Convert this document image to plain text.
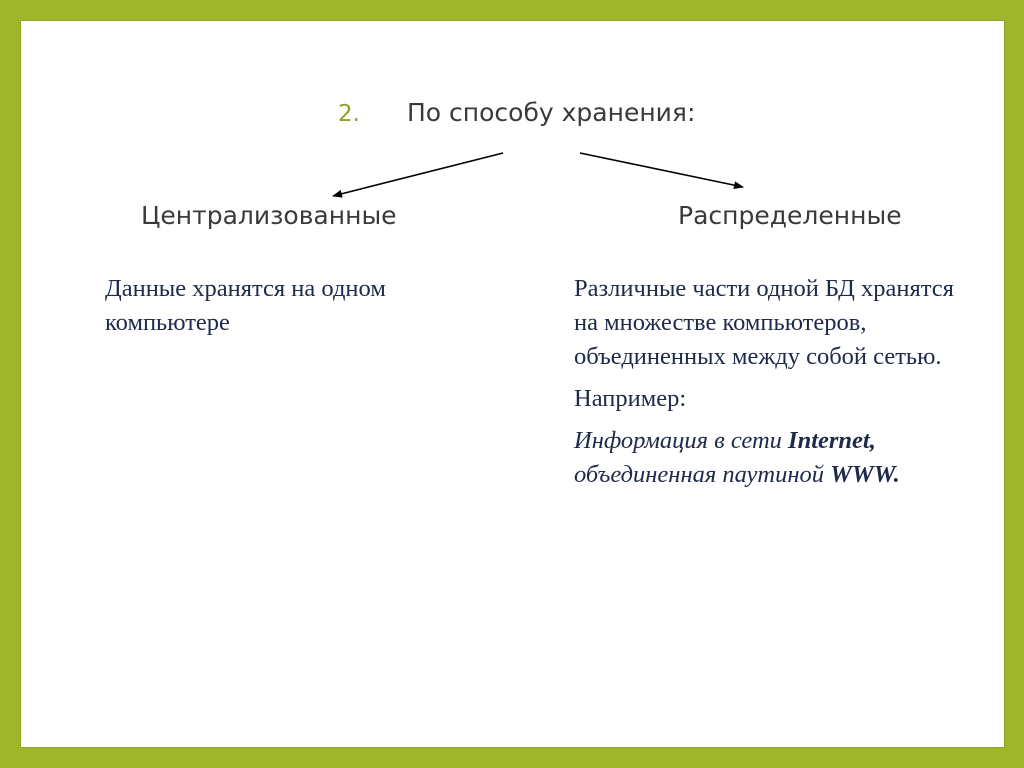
2. По способу хранения:
Централизованные	Распределенные

Данные хранятся на одном компьютере

Различные части одной БД хранятся на множестве компьютеров, объединенных между собой сетью.

Например:

Информация в сети Internet, объединенная паутиной WWW.
